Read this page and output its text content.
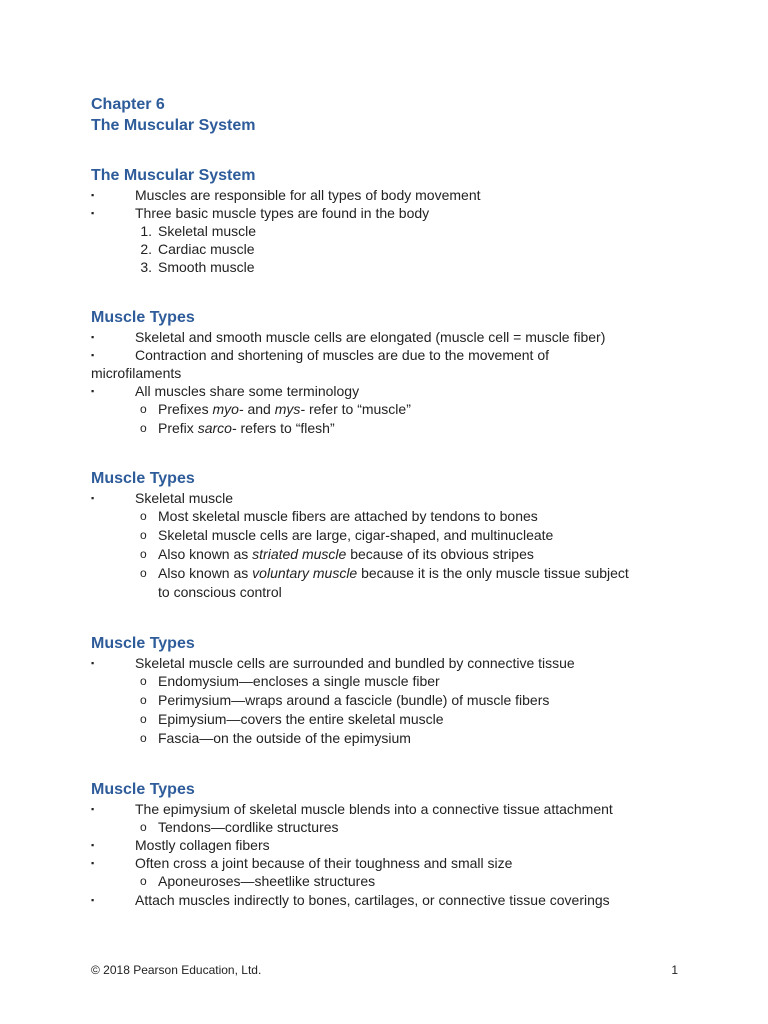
Chapter 6
The Muscular System
The Muscular System
▪	Muscles are responsible for all types of body movement
▪	Three basic muscle types are found in the body
1. Skeletal muscle
2. Cardiac muscle
3. Smooth muscle
Muscle Types
▪	Skeletal and smooth muscle cells are elongated (muscle cell = muscle fiber)
▪	Contraction and shortening of muscles are due to the movement of
microfilaments
▪	All muscles share some terminology
o Prefixes myo- and mys- refer to “muscle”
o Prefix sarco- refers to “flesh”
Muscle Types
▪	Skeletal muscle
o Most skeletal muscle fibers are attached by tendons to bones
o Skeletal muscle cells are large, cigar-shaped, and multinucleate
o Also known as striated muscle because of its obvious stripes
o Also known as voluntary muscle because it is the only muscle tissue subject
to conscious control
Muscle Types
▪	Skeletal muscle cells are surrounded and bundled by connective tissue
o Endomysium—encloses a single muscle fiber
o Perimysium—wraps around a fascicle (bundle) of muscle fibers
o Epimysium—covers the entire skeletal muscle
o Fascia—on the outside of the epimysium
Muscle Types
▪	The epimysium of skeletal muscle blends into a connective tissue attachment
o Tendons—cordlike structures
▪	Mostly collagen fibers
▪	Often cross a joint because of their toughness and small size
o Aponeuroses—sheetlike structures
▪	Attach muscles indirectly to bones, cartilages, or connective tissue coverings
© 2018 Pearson Education, Ltd.	1
